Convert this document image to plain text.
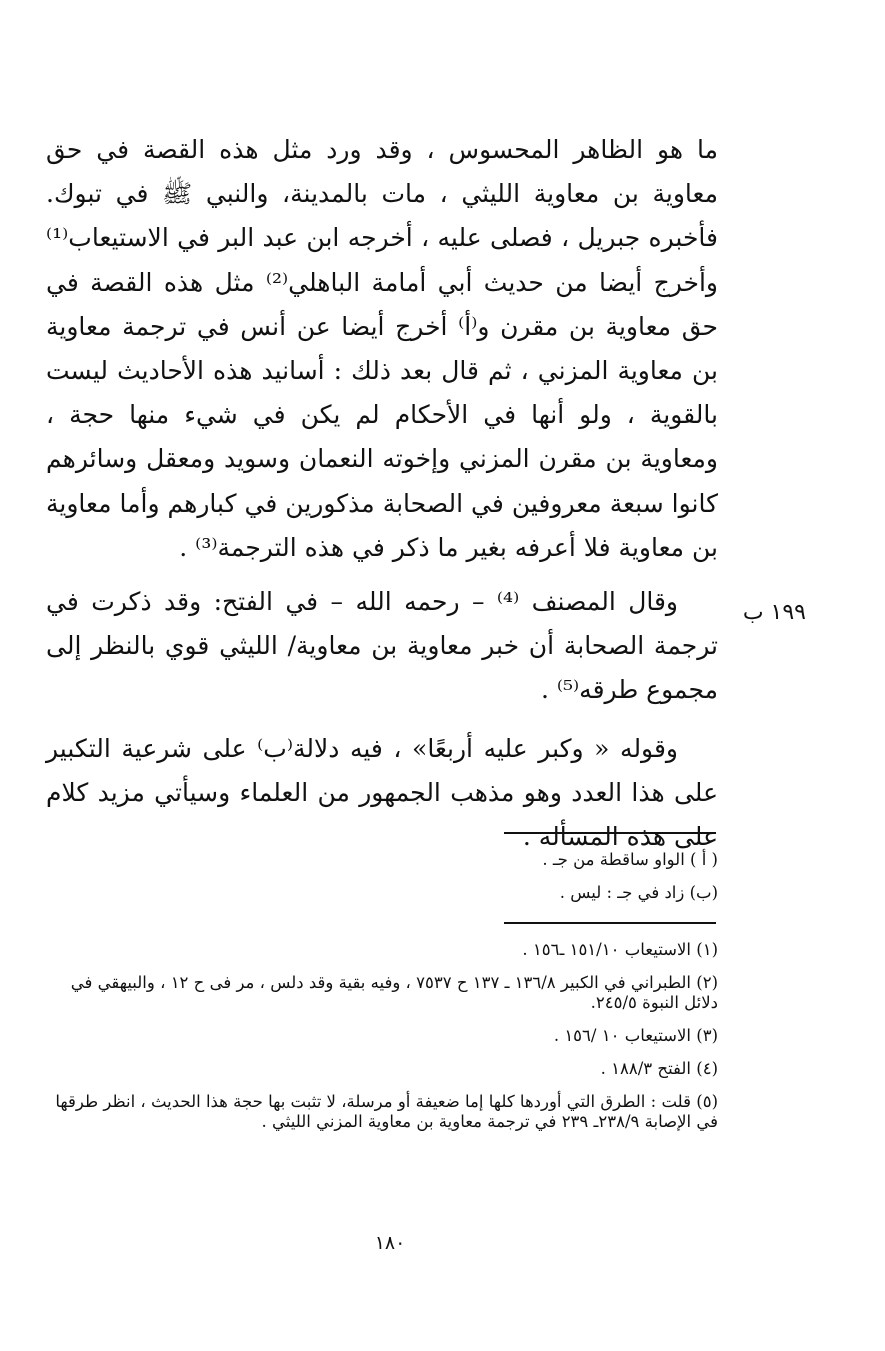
ما هو الظاهر المحسوس ، وقد ورد مثل هذه القصة في حق معاوية بن معاوية الليثي ، مات بالمدينة، والنبي ﷺ في تبوك. فأخبره جبريل ، فصلى عليه ، أخرجه ابن عبد البر في الاستيعاب⁽¹⁾ وأخرج أيضا من حديث أبي أمامة الباهلي⁽²⁾ مثل هذه القصة في حق معاوية بن مقرن و⁽أ⁾ أخرج أيضا عن أنس في ترجمة معاوية بن معاوية المزني ، ثم قال بعد ذلك : أسانيد هذه الأحاديث ليست بالقوية ، ولو أنها في الأحكام لم يكن في شيء منها حجة ، ومعاوية بن مقرن المزني وإخوته النعمان وسويد ومعقل وسائرهم كانوا سبعة معروفين في الصحابة مذكورين في كبارهم وأما معاوية بن معاوية فلا أعرفه بغير ما ذكر في هذه الترجمة⁽³⁾ .

وقال المصنف ⁽⁴⁾ – رحمه الله – في الفتح: وقد ذكرت في ترجمة الصحابة أن خبر معاوية بن معاوية/ الليثي قوي بالنظر إلى مجموع طرقه⁽⁵⁾ .

وقوله « وكبر عليه أربعًا» ، فيه دلالة⁽ب⁾ على شرعية التكبير على هذا العدد وهو مذهب الجمهور من العلماء وسيأتي مزيد كلام على هذه المسألة .

١٩٩ ب

( أ ) الواو ساقطة من جـ .

(ب) زاد في جـ : ليس .

(١) الاستيعاب ١٥١/١٠ ـ١٥٦ .

(٢) الطبراني في الكبير ١٣٦/٨ ـ ١٣٧ ح ٧٥٣٧ ، وفيه بقية وقد دلس ، مر فى ح ١٢ ، والبيهقي في دلائل النبوة ٢٤٥/٥.

(٣) الاستيعاب ١٠ /١٥٦ .

(٤) الفتح ١٨٨/٣ .

(٥) قلت : الطرق التي أوردها كلها إما ضعيفة أو مرسلة، لا تثبت بها حجة هذا الحديث ، انظر طرقها في الإصابة ٢٣٨/٩ـ ٢٣٩ في ترجمة معاوية بن معاوية المزني الليثي .

١٨٠
